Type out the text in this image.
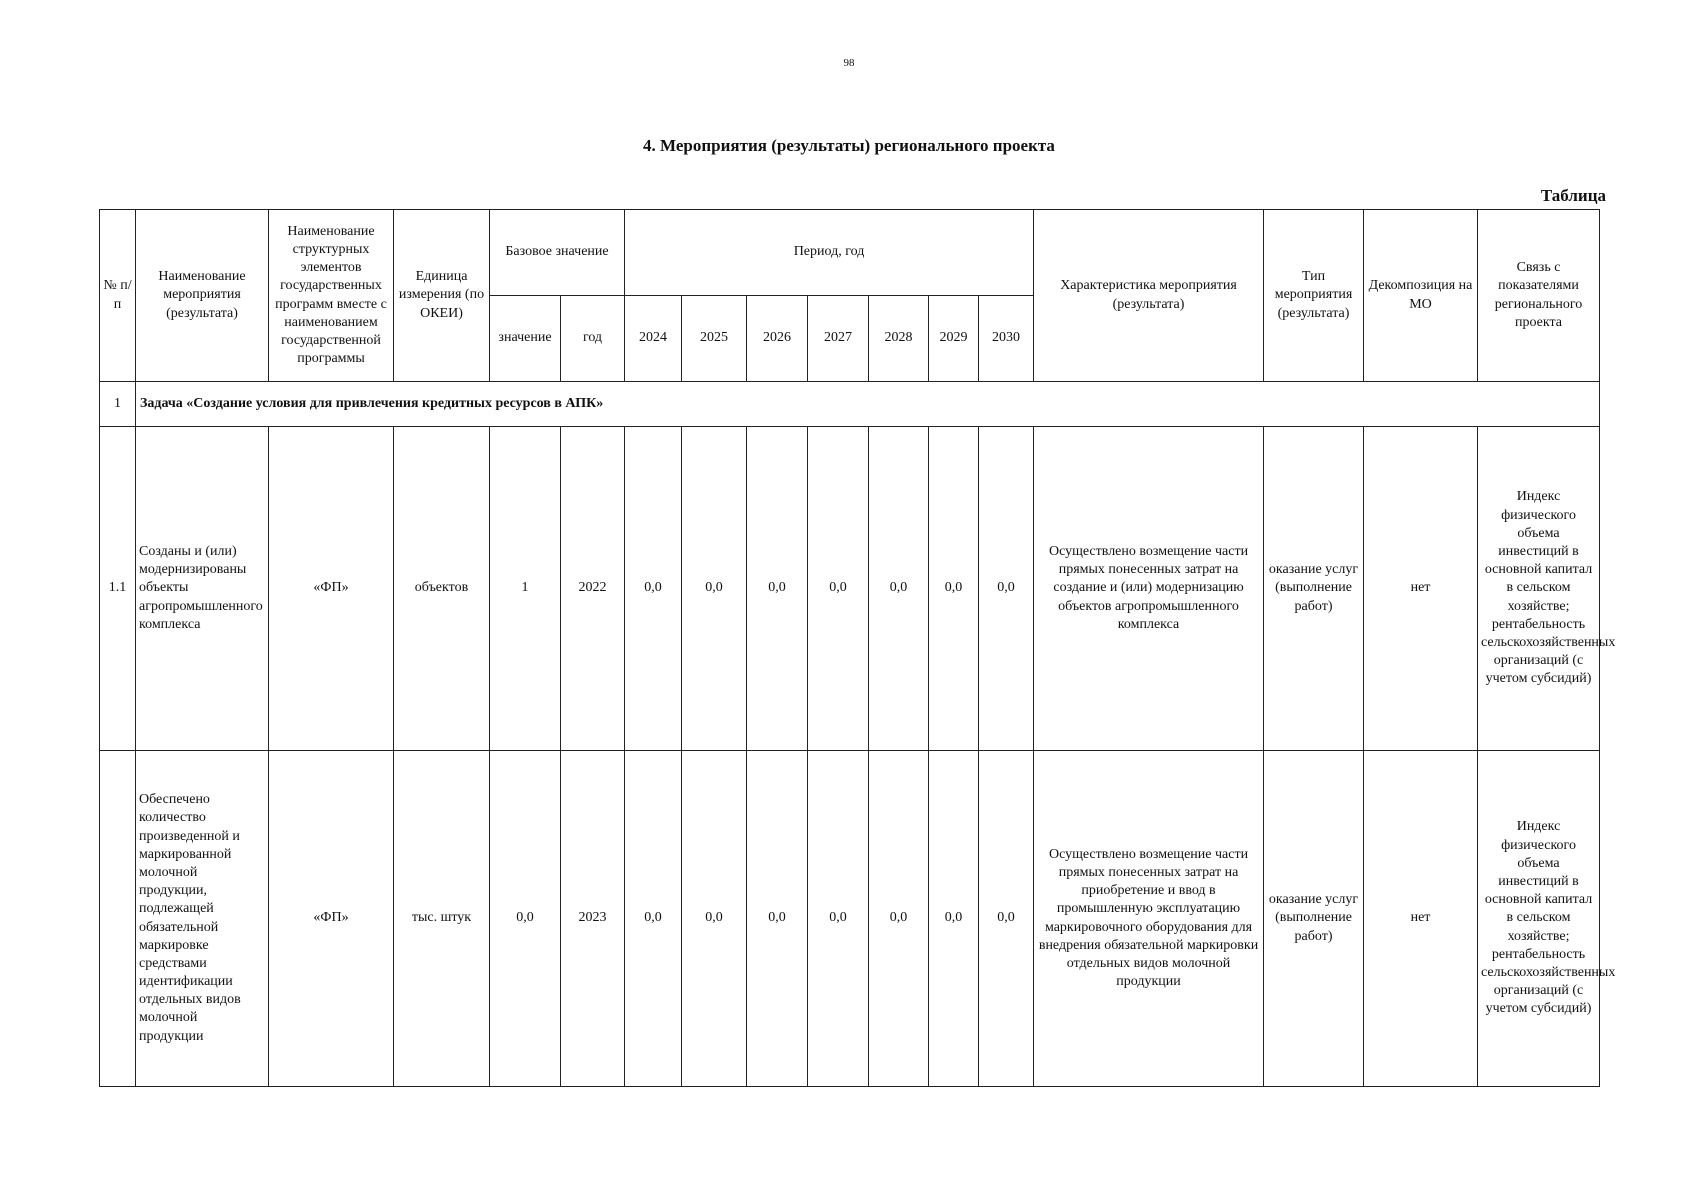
98
4. Мероприятия (результаты) регионального проекта
Таблица
№ п/п	Наименование мероприятия (результата)	Наименование структурных элементов государственных программ вместе с наименованием государственной программы	Единица измерения (по ОКЕИ)	Базовое значение		Период, год							Характеристика мероприятия (результата)	Тип мероприятия (результата)	Декомпозиция на МО	Связь с показателями регионального проекта
				значение	год	2024	2025	2026	2027	2028	2029	2030				
1	Задача «Создание условия для привлечения кредитных ресурсов в АПК»															
1.1	Созданы и (или) модернизированы объекты агропромышленного комплекса	«ФП»	объектов	1	2022	0,0	0,0	0,0	0,0	0,0	0,0	0,0	Осуществлено возмещение части прямых понесенных затрат на создание и (или) модернизацию объектов агропромышленного комплекса	оказание услуг (выполнение работ)	нет	Индекс физического объема инвестиций в основной капитал в сельском хозяйстве; рентабельность сельскохозяйственных организаций (с учетом субсидий)
	Обеспечено количество произведенной и маркированной молочной продукции, подлежащей обязательной маркировке средствами идентификации отдельных видов молочной продукции	«ФП»	тыс. штук	0,0	2023	0,0	0,0	0,0	0,0	0,0	0,0	0,0	Осуществлено возмещение части прямых понесенных затрат на приобретение и ввод в промышленную эксплуатацию маркировочного оборудования для внедрения обязательной маркировки отдельных видов молочной продукции	оказание услуг (выполнение работ)	нет	Индекс физического объема инвестиций в основной капитал в сельском хозяйстве; рентабельность сельскохозяйственных организаций (с учетом субсидий)
